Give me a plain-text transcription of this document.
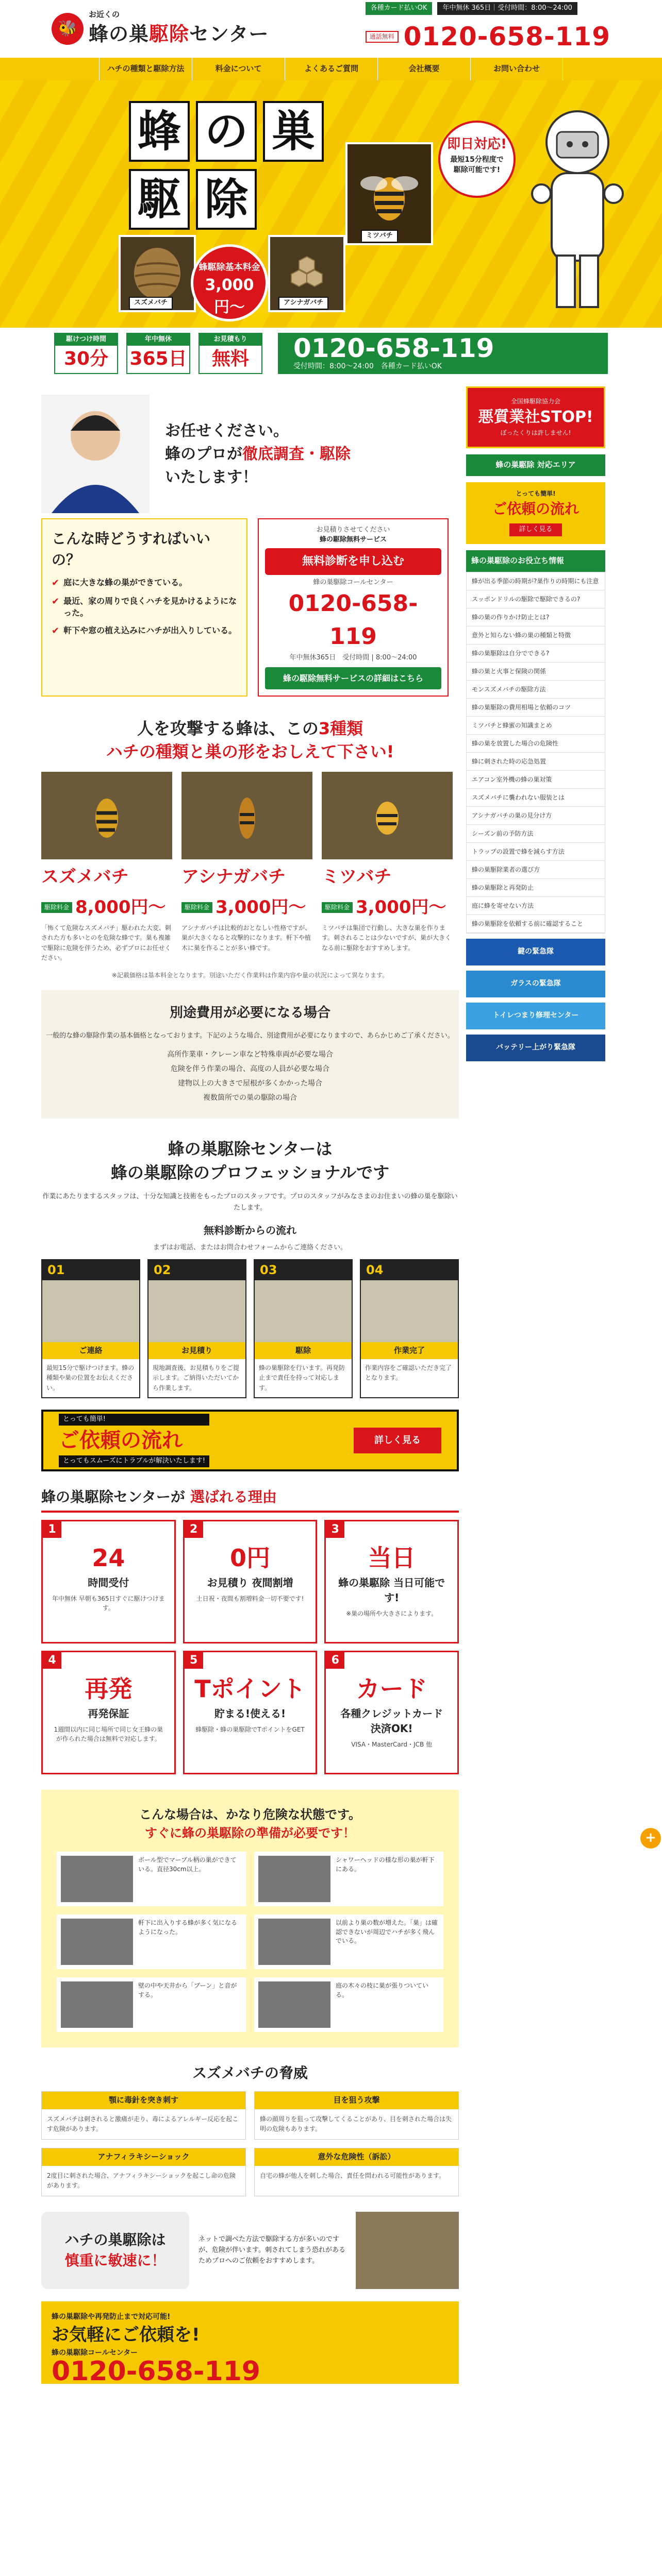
🐝
お近くの
蜂の巣駆除センター
各種カード払いOK	年中無休 365日｜受付時間：8:00〜24:00
通話無料 0120-658-119
ハチの種類と駆除方法	料金について	よくあるご質問	会社概要	お問い合わせ
蜂 の 巣
駆 除
スズメバチ	アシナガバチ
ミツバチ
蜂駆除基本料金
3,000円〜
即日対応!
最短15分程度で
駆除可能です!
駆けつけ時間
30分
年中無休
365日
お見積もり
無料	0120-658-119
受付時間：8:00〜24:00　各種カード払いOK
お任せください。
蜂のプロが徹底調査・駆除
いたします！
こんな時どうすればいいの？
✔ 庭に大きな蜂の巣ができている。
✔ 最近、家の周りで良くハチを見かけるようになった。
✔ 軒下や窓の植え込みにハチが出入りしている。
お見積りさせてください
蜂の駆除無料サービス
無料診断を申し込む
蜂の巣駆除コールセンター
0120-658-119
年中無休365日　受付時間 | 8:00〜24:00
蜂の駆除無料サービスの詳細はこちら
人を攻撃する蜂は、この3種類
ハチの種類と巣の形をおしえて下さい!
スズメバチ
駆除料金 8,000円〜
「怖くて危険なスズメバチ」駆われた大変、刺された方も多いとのを危険な蜂です。巣も複雑で駆除に危険を伴うため、必ずプロにお任せください。
アシナガバチ
駆除料金 3,000円〜
アシナガバチは比較的おとなしい性格ですが、巣が大きくなると攻撃的になります。軒下や植木に巣を作ることが多い蜂です。
ミツバチ
駆除料金 3,000円〜
ミツバチは集団で行動し、大きな巣を作ります。刺されることは少ないですが、巣が大きくなる前に駆除をおすすめします。
※記載価格は基本料金となります。別途いただく作業料は作業内容や量の状況によって異なります。
別途費用が必要になる場合
一般的な蜂の駆除作業の基本価格となっております。下記のような場合、別途費用が必要になりますので、あらかじめご了承ください。
高所作業車・クレーン車など特殊車両が必要な場合
危険を伴う作業の場合、高度の人員が必要な場合
建物以上の大きさで屋根が多くかかった場合
複数箇所での巣の駆除の場合
蜂の巣駆除センターは
蜂の巣駆除のプロフェッショナルです
作業にあたりまするスタッフは、十分な知識と技術をもったプロのスタッフです。プロのスタッフがみなさまのお住まいの蜂の巣を駆除いたします。
無料診断からの流れ
まずはお電話、またはお問合わせフォームからご連絡ください。
01
ご連絡
最短15分で駆けつけます。蜂の種類や巣の位置をお伝えください。
02
お見積り
現地調査後、お見積もりをご提示します。ご納得いただいてから作業します。
03
駆除
蜂の巣駆除を行います。再発防止まで責任を持って対応します。
04
作業完了
作業内容をご確認いただき完了となります。
とっても簡単!
ご依頼の流れ
とってもスムーズにトラブルが解決いたします!
詳しく見る
蜂の巣駆除センターが 選ばれる理由
1
24
時間受付
年中無休 早朝も365日すぐに駆けつけます。
2
0円
お見積り 夜間割増
土日祝・夜間も割増料金一切不要です!
3
当日
蜂の巣駆除 当日可能です!
※巣の場所や大きさによります。
4
再発
再発保証
1週間以内に同じ場所で同じ女王蜂の巣が作られた場合は無料で対応します。
5
Tポイント
貯まる!使える!
蜂駆除・蜂の巣駆除でTポイントをGET
6
カード
各種クレジットカード 決済OK!
VISA・MasterCard・JCB 他
こんな場合は、かなり危険な状態です。
すぐに蜂の巣駆除の準備が必要です！
ボール型でマーブル柄の巣ができている。直径30cm以上。
シャワーヘッドの様な形の巣が軒下にある。
軒下に出入りする蜂が多く気になるようになった。
以前より巣の数が増えた。「巣」は確認できないが周辺でハチが多く飛んでいる。
壁の中や天井から「ブーン」と音がする。
庭の木々の枝に巣が張りついている。
スズメバチの脅威
顎に毒針を突き刺す
スズメバチは刺されると激痛が走り、毒によるアレルギー反応を起こす危険があります。
目を狙う攻撃
蜂の顔周りを狙って攻撃してくることがあり、目を刺された場合は失明の危険もあります。
アナフィラキシーショック
2度目に刺された場合、アナフィラキシーショックを起こし命の危険があります。
意外な危険性（訴訟）
自宅の蜂が他人を刺した場合、責任を問われる可能性があります。
ハチの巣駆除は
慎重に敏速に！
ネットで調べた方法で駆除する方が多いのですが、危険が伴います。刺されてしまう恐れがあるためプロへのご依頼をおすすめします。
蜂の巣駆除や再発防止まで対応可能!
お気軽にご依頼を!
蜂の巣駆除コールセンター
0120-658-119
全国蜂駆除協力会
悪質業社STOP!
ぼったくりは許しません!
蜂の巣駆除 対応エリア
とっても簡単!
ご依頼の流れ
詳しく見る
蜂の巣駆除のお役立ち情報
蜂が出る季節の時期が?巣作りの時期にも注意
スッポンドリルの駆除で駆除できるの?
蜂の巣の作りかけ防止とは?
意外と知らない蜂の巣の種類と特徴
蜂の巣駆除は自分でできる?
蜂の巣と火事と保険の関係
モンスズメバチの駆除方法
蜂の巣駆除の費用相場と依頼のコツ
ミツバチと蜂蜜の知識まとめ
蜂の巣を放置した場合の危険性
蜂に刺された時の応急処置
エアコン室外機の蜂の巣対策
スズメバチに襲われない服装とは
アシナガバチの巣の見分け方
シーズン前の予防方法
トラップの設置で蜂を減らす方法
蜂の巣駆除業者の選び方
蜂の巣駆除と再発防止
庭に蜂を寄せない方法
蜂の巣駆除を依頼する前に確認すること
鍵の緊急隊
ガラスの緊急隊
トイレつまり修理センター
バッテリー上がり緊急隊
+
